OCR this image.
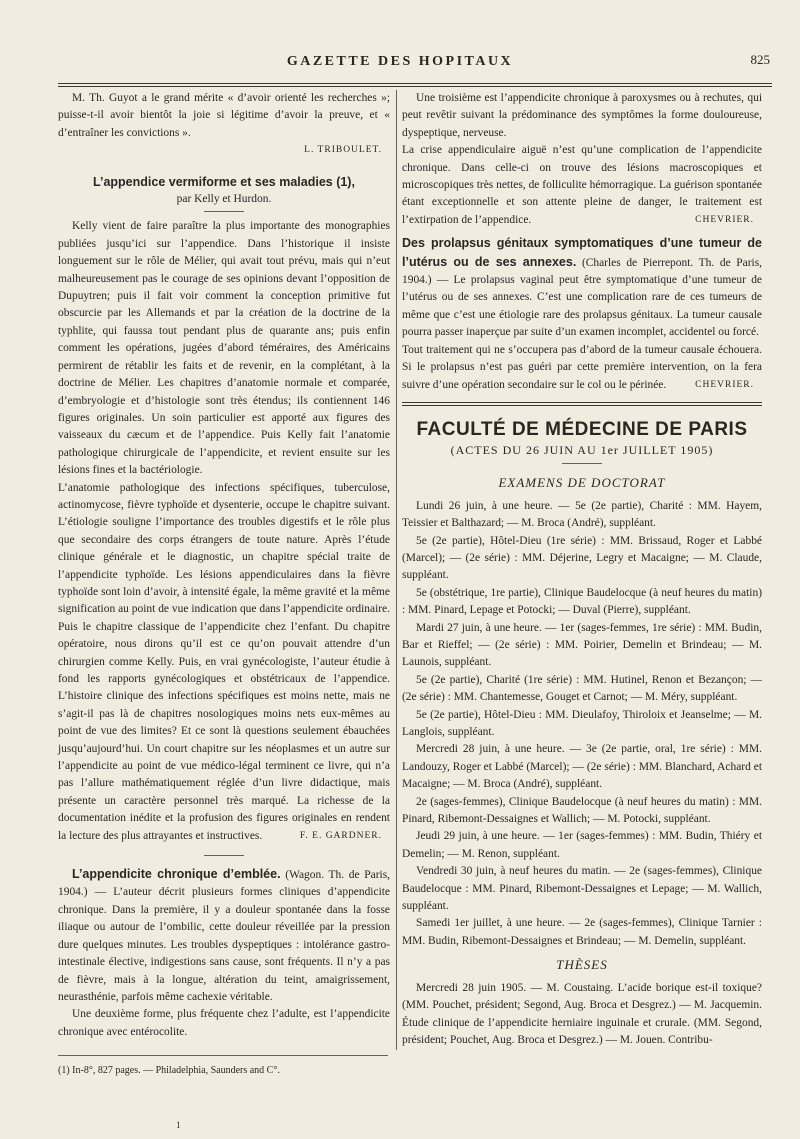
GAZETTE DES HOPITAUX	825

M. Th. Guyot a le grand mérite « d’avoir orienté les recherches »; puisse-t-il avoir bientôt la joie si légitime d’avoir la preuve, et « d’entraîner les convictions ».

L. TRIBOULET.
L’appendice vermiforme et ses maladies (1),
par Kelly et Hurdon.

Kelly vient de faire paraître la plus importante des monographies publiées jusqu’ici sur l’appendice. Dans l’historique il insiste longuement sur le rôle de Mélier, qui avait tout prévu, mais qui n’eut malheureusement pas le courage de ses opinions devant l’opposition de Dupuytren; puis il fait voir comment la conception primitive fut obscurcie par les Allemands et par la création de la doctrine de la typhlite, qui faussa tout pendant plus de quarante ans; puis enfin comment les opérations, jugées d’abord téméraires, des Américains permirent de rétablir les faits et de revenir, en la complétant, à la doctrine de Mélier. Les chapitres d’anatomie normale et comparée, d’embryologie et d’histologie sont très étendus; ils contiennent 146 figures originales. Un soin particulier est apporté aux figures des vaisseaux du cæcum et de l’appendice. Puis Kelly fait l’anatomie pathologique chirurgicale de l’appendicite, et revient ensuite sur les lésions fines et la bactériologie.

L’anatomie pathologique des infections spécifiques, tuberculose, actinomycose, fièvre typhoïde et dysenterie, occupe le chapitre suivant. L’étiologie souligne l’importance des troubles digestifs et le rôle plus que secondaire des corps étrangers de toute nature. Après l’étude clinique générale et le diagnostic, un chapitre spécial traite de l’appendicite typhoïde. Les lésions appendiculaires dans la fièvre typhoïde sont loin d’avoir, à intensité égale, la même gravité et la même signification au point de vue indication que dans l’appendicite ordinaire. Puis le chapitre classique de l’appendicite chez l’enfant. Du chapitre opératoire, nous dirons qu’il est ce qu’on pouvait attendre d’un chirurgien comme Kelly. Puis, en vrai gynécologiste, l’auteur étudie à fond les rapports gynécologiques et obstétricaux de l’appendice. L’histoire clinique des infections spécifiques est moins nette, mais ne s’agit-il pas là de chapitres nosologiques moins nets eux-mêmes au point de vue des limites? Et ce sont là questions seulement ébauchées jusqu’aujourd’hui. Un court chapitre sur les néoplasmes et un autre sur l’appendicite au point de vue médico-légal terminent ce livre, qui n’a pas l’allure mathématiquement réglée d’un livre didactique, mais présente un caractère personnel très marqué. La richesse de la documentation inédite et la profusion des figures originales en rendent la lecture des plus attrayantes et instructives.	F. E. GARDNER.

L’appendicite chronique d’emblée. (Wagon. Th. de Paris, 1904.) — L’auteur décrit plusieurs formes cliniques d’appendicite chronique. Dans la première, il y a douleur spontanée dans la fosse iliaque ou autour de l’ombilic, cette douleur réveillée par la pression dure quelques minutes. Les troubles dyspeptiques : intolérance gastro-intestinale élective, indigestions sans cause, sont fréquents. Il n’y a pas de fièvre, mais à la longue, altération du teint, amaigrissement, neurasthénie, parfois même cachexie véritable.

Une deuxième forme, plus fréquente chez l’adulte, est l’appendicite chronique avec entérocolite.

(1) In-8°, 827 pages. — Philadelphia, Saunders and C°.

Une troisième est l’appendicite chronique à paroxysmes ou à rechutes, qui peut revêtir suivant la prédominance des symptômes la forme douloureuse, dyspeptique, nerveuse.

La crise appendiculaire aiguë n’est qu’une complication de l’appendicite chronique. Dans celle-ci on trouve des lésions macroscopiques et microscopiques très nettes, de folliculite hémorragique. La guérison spontanée étant exceptionnelle et son attente pleine de danger, le traitement est l’extirpation de l’appendice.	CHEVRIER.

Des prolapsus génitaux symptomatiques d’une tumeur de l’utérus ou de ses annexes. (Charles de Pierrepont. Th. de Paris, 1904.) — Le prolapsus vaginal peut être symptomatique d’une tumeur de l’utérus ou de ses annexes. C’est une complication rare de ces tumeurs de même que c’est une étiologie rare des prolapsus génitaux. La tumeur causale pourra passer inaperçue par suite d’un examen incomplet, accidentel ou forcé.

Tout traitement qui ne s’occupera pas d’abord de la tumeur causale échouera. Si le prolapsus n’est pas guéri par cette première intervention, on la fera suivre d’une opération secondaire sur le col ou le périnée.	CHEVRIER.
FACULTÉ DE MÉDECINE DE PARIS
(ACTES DU 26 JUIN AU 1er JUILLET 1905)
EXAMENS DE DOCTORAT

Lundi 26 juin, à une heure. — 5e (2e partie), Charité : MM. Hayem, Teissier et Balthazard; — M. Broca (André), suppléant.

5e (2e partie), Hôtel-Dieu (1re série) : MM. Brissaud, Roger et Labbé (Marcel); — (2e série) : MM. Déjerine, Legry et Macaigne; — M. Claude, suppléant.

5e (obstétrique, 1re partie), Clinique Baudelocque (à neuf heures du matin) : MM. Pinard, Lepage et Potocki; — Duval (Pierre), suppléant.

Mardi 27 juin, à une heure. — 1er (sages-femmes, 1re série) : MM. Budin, Bar et Rieffel; — (2e série) : MM. Poirier, Demelin et Brindeau; — M. Launois, suppléant.

5e (2e partie), Charité (1re série) : MM. Hutinel, Renon et Bezançon; — (2e série) : MM. Chantemesse, Gouget et Carnot; — M. Méry, suppléant.

5e (2e partie), Hôtel-Dieu : MM. Dieulafoy, Thiroloix et Jeanselme; — M. Langlois, suppléant.

Mercredi 28 juin, à une heure. — 3e (2e partie, oral, 1re série) : MM. Landouzy, Roger et Labbé (Marcel); — (2e série) : MM. Blanchard, Achard et Macaigne; — M. Broca (André), suppléant.

2e (sages-femmes), Clinique Baudelocque (à neuf heures du matin) : MM. Pinard, Ribemont-Dessaignes et Wallich; — M. Potocki, suppléant.

Jeudi 29 juin, à une heure. — 1er (sages-femmes) : MM. Budin, Thiéry et Demelin; — M. Renon, suppléant.

Vendredi 30 juin, à neuf heures du matin. — 2e (sages-femmes), Clinique Baudelocque : MM. Pinard, Ribemont-Dessaignes et Lepage; — M. Wallich, suppléant.

Samedi 1er juillet, à une heure. — 2e (sages-femmes), Clinique Tarnier : MM. Budin, Ribemont-Dessaignes et Brindeau; — M. Demelin, suppléant.

THÈSES

Mercredi 28 juin 1905. — M. Coustaing. L’acide borique est-il toxique? (MM. Pouchet, président; Segond, Aug. Broca et Desgrez.) — M. Jacquemin. Étude clinique de l’appendicite herniaire inguinale et crurale. (MM. Segond, président; Pouchet, Aug. Broca et Desgrez.) — M. Jouen. Contribu-

1
